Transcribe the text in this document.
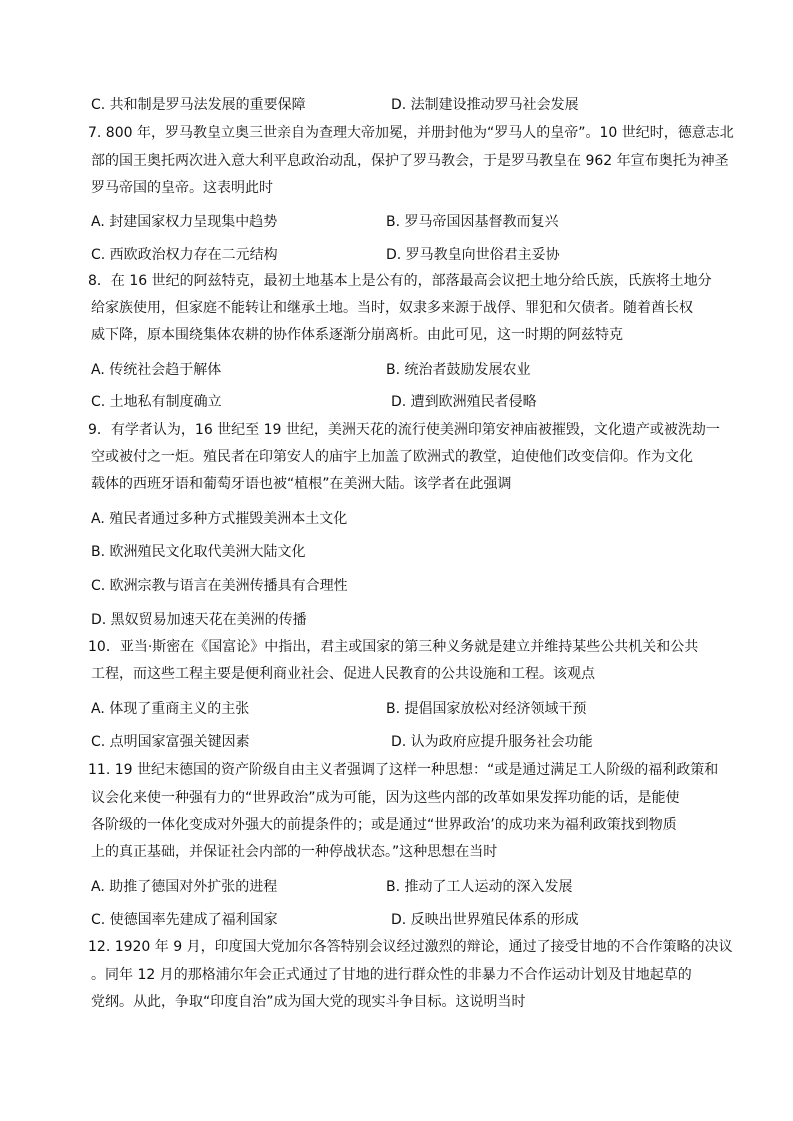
C. 共和制是罗马法发展的重要保障	D. 法制建设推动罗马社会发展
7. 800 年，罗马教皇立奥三世亲自为查理大帝加冕，并册封他为“罗马人的皇帝”。10 世纪时，德意志北
部的国王奥托两次进入意大利平息政治动乱，保护了罗马教会，于是罗马教皇在 962 年宣布奥托为神圣
罗马帝国的皇帝。这表明此时
A. 封建国家权力呈现集中趋势	B. 罗马帝国因基督教而复兴
C. 西欧政治权力存在二元结构	D. 罗马教皇向世俗君主妥协
8．在 16 世纪的阿兹特克，最初土地基本上是公有的，部落最高会议把土地分给氏族，氏族将土地分
给家族使用，但家庭不能转让和继承土地。当时，奴隶多来源于战俘、罪犯和欠债者。随着酋长权
威下降，原本围绕集体农耕的协作体系逐渐分崩离析。由此可见，这一时期的阿兹特克
A. 传统社会趋于解体	B. 统治者鼓励发展农业
C. 土地私有制度确立	D. 遭到欧洲殖民者侵略
9．有学者认为，16 世纪至 19 世纪，美洲天花的流行使美洲印第安神庙被摧毁，文化遗产或被洗劫一
空或被付之一炬。殖民者在印第安人的庙宇上加盖了欧洲式的教堂，迫使他们改变信仰。作为文化
载体的西班牙语和葡萄牙语也被“植根”在美洲大陆。该学者在此强调
A. 殖民者通过多种方式摧毁美洲本土文化
B. 欧洲殖民文化取代美洲大陆文化
C. 欧洲宗教与语言在美洲传播具有合理性
D. 黑奴贸易加速天花在美洲的传播
10．亚当·斯密在《国富论》中指出，君主或国家的第三种义务就是建立并维持某些公共机关和公共
工程，而这些工程主要是便利商业社会、促进人民教育的公共设施和工程。该观点
A. 体现了重商主义的主张	B. 提倡国家放松对经济领域干预
C. 点明国家富强关键因素	D. 认为政府应提升服务社会功能
11. 19 世纪末德国的资产阶级自由主义者强调了这样一种思想：“或是通过满足工人阶级的福利政策和
议会化来使一种强有力的“世界政治”成为可能，因为这些内部的改革如果发挥功能的话，是能使
各阶级的一体化变成对外强大的前提条件的；或是通过“世界政治’的成功来为福利政策找到物质
上的真正基础，并保证社会内部的一种停战状态。”这种思想在当时
A. 助推了德国对外扩张的进程	B. 推动了工人运动的深入发展
C. 使德国率先建成了福利国家	D. 反映出世界殖民体系的形成
12. 1920 年 9 月，印度国大党加尔各答特别会议经过激烈的辩论，通过了接受甘地的不合作策略的决议
。同年 12 月的那格浦尔年会正式通过了甘地的进行群众性的非暴力不合作运动计划及甘地起草的
党纲。从此，争取“印度自治”成为国大党的现实斗争目标。这说明当时
